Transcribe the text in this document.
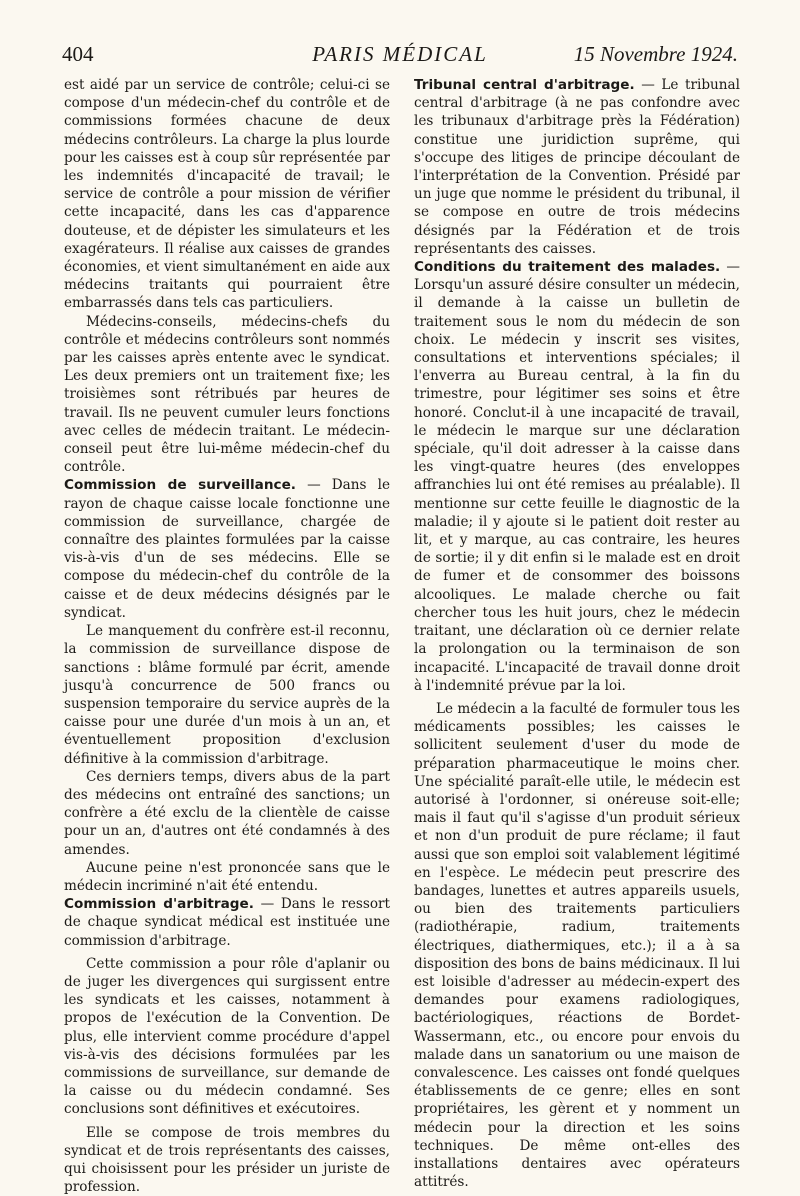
404	PARIS MÉDICAL	15 Novembre 1924.

est aidé par un service de contrôle; celui-ci se compose d'un médecin-chef du contrôle et de commissions formées chacune de deux médecins contrôleurs. La charge la plus lourde pour les caisses est à coup sûr représentée par les indemnités d'incapacité de travail; le service de contrôle a pour mission de vérifier cette incapacité, dans les cas d'apparence douteuse, et de dépister les simulateurs et les exagérateurs. Il réalise aux caisses de grandes économies, et vient simultanément en aide aux médecins traitants qui pourraient être embarrassés dans tels cas particuliers.

Médecins-conseils, médecins-chefs du contrôle et médecins contrôleurs sont nommés par les caisses après entente avec le syndicat. Les deux premiers ont un traitement fixe; les troisièmes sont rétribués par heures de travail. Ils ne peuvent cumuler leurs fonctions avec celles de médecin traitant. Le médecin-conseil peut être lui-même médecin-chef du contrôle.

Commission de surveillance. — Dans le rayon de chaque caisse locale fonctionne une commission de surveillance, chargée de connaître des plaintes formulées par la caisse vis-à-vis d'un de ses médecins. Elle se compose du médecin-chef du contrôle de la caisse et de deux médecins désignés par le syndicat.

Le manquement du confrère est-il reconnu, la commission de surveillance dispose de sanctions : blâme formulé par écrit, amende jusqu'à concurrence de 500 francs ou suspension temporaire du service auprès de la caisse pour une durée d'un mois à un an, et éventuellement proposition d'exclusion définitive à la commission d'arbitrage.

Ces derniers temps, divers abus de la part des médecins ont entraîné des sanctions; un confrère a été exclu de la clientèle de caisse pour un an, d'autres ont été condamnés à des amendes.

Aucune peine n'est prononcée sans que le médecin incriminé n'ait été entendu.

Commission d'arbitrage. — Dans le ressort de chaque syndicat médical est instituée une commission d'arbitrage.

Cette commission a pour rôle d'aplanir ou de juger les divergences qui surgissent entre les syndicats et les caisses, notamment à propos de l'exécution de la Convention. De plus, elle intervient comme procédure d'appel vis-à-vis des décisions formulées par les commissions de surveillance, sur demande de la caisse ou du médecin condamné. Ses conclusions sont définitives et exécutoires.

Elle se compose de trois membres du syndicat et de trois représentants des caisses, qui choisissent pour les présider un juriste de profession.

Tribunal central d'arbitrage. — Le tribunal central d'arbitrage (à ne pas confondre avec les tribunaux d'arbitrage près la Fédération) constitue une juridiction suprême, qui s'occupe des litiges de principe découlant de l'interprétation de la Convention. Présidé par un juge que nomme le président du tribunal, il se compose en outre de trois médecins désignés par la Fédération et de trois représentants des caisses.

Conditions du traitement des malades. — Lorsqu'un assuré désire consulter un médecin, il demande à la caisse un bulletin de traitement sous le nom du médecin de son choix. Le médecin y inscrit ses visites, consultations et interventions spéciales; il l'enverra au Bureau central, à la fin du trimestre, pour légitimer ses soins et être honoré. Conclut-il à une incapacité de travail, le médecin le marque sur une déclaration spéciale, qu'il doit adresser à la caisse dans les vingt-quatre heures (des enveloppes affranchies lui ont été remises au préalable). Il mentionne sur cette feuille le diagnostic de la maladie; il y ajoute si le patient doit rester au lit, et y marque, au cas contraire, les heures de sortie; il y dit enfin si le malade est en droit de fumer et de consommer des boissons alcooliques. Le malade cherche ou fait chercher tous les huit jours, chez le médecin traitant, une déclaration où ce dernier relate la prolongation ou la terminaison de son incapacité. L'incapacité de travail donne droit à l'indemnité prévue par la loi.

Le médecin a la faculté de formuler tous les médicaments possibles; les caisses le sollicitent seulement d'user du mode de préparation pharmaceutique le moins cher. Une spécialité paraît-elle utile, le médecin est autorisé à l'ordonner, si onéreuse soit-elle; mais il faut qu'il s'agisse d'un produit sérieux et non d'un produit de pure réclame; il faut aussi que son emploi soit valablement légitimé en l'espèce. Le médecin peut prescrire des bandages, lunettes et autres appareils usuels, ou bien des traitements particuliers (radiothérapie, radium, traitements électriques, diathermiques, etc.); il a à sa disposition des bons de bains médicinaux. Il lui est loisible d'adresser au médecin-expert des demandes pour examens radiologiques, bactériologiques, réactions de Bordet-Wassermann, etc., ou encore pour envois du malade dans un sanatorium ou une maison de convalescence. Les caisses ont fondé quelques établissements de ce genre; elles en sont propriétaires, les gèrent et y nomment un médecin pour la direction et les soins techniques. De même ont-elles des installations dentaires avec opérateurs attitrés.
